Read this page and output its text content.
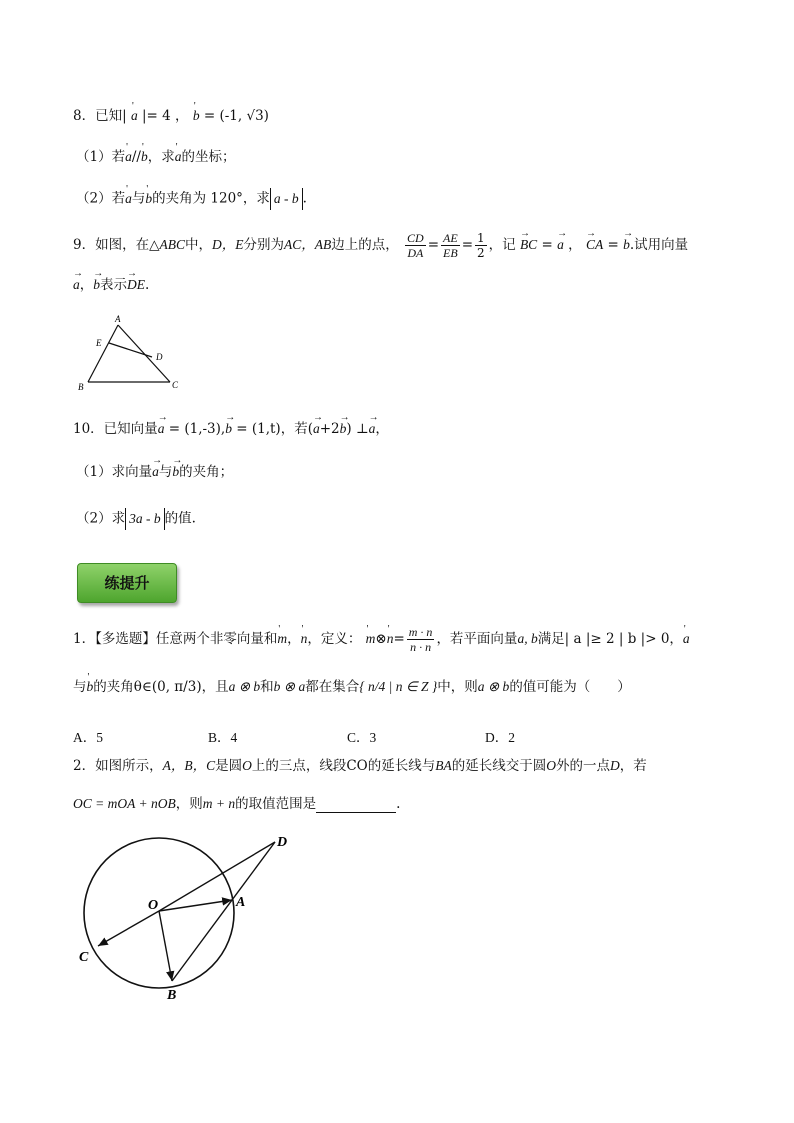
8．已知| ' a |= 4 ， ' b = (-1, √3)
（1）若' a//' b，求' a的坐标；
（2）若' a与' b的夹角为 120°，求 a - b .
9．如图，在△ABC中，D，E分别为AC，AB边上的点， $\frac{CD}{DA} = \frac{AE}{EB} = \frac{1}{2}$ ，记 → BC = → a ， → CA = → b.试用向量
→ a，→ b表示→ DE.
A
E
D
B	C
10．已知向量→ a = (1,-3),→ b = (1,t)，若(→ a+2→ b) ⊥→ a，
（1）求向量→ a与→ b的夹角；
（2）求 3a - b 的值.
练提升
1．【多选题】任意两个非零向量和' m，' n，定义： ' m⊗' $n= \frac{m \cdot n}{n \cdot n}$ ，若平面向量a, b满足| a |≥ 2 | b |> 0，' a
与' b的夹角θ∈(0, π/3)，且a ⊗ b和b ⊗ a都在集合{ n/4 | n ∈ Z }中，则a ⊗ b的值可能为（　　）
A．5	B．4	C．3	D．2
2．如图所示，A，B，C是圆O上的三点，线段CO的延长线与BA的延长线交于圆O外的一点D，若
OC = mOA + nOB，则m + n的取值范围是	.
O	A
B
C
D
